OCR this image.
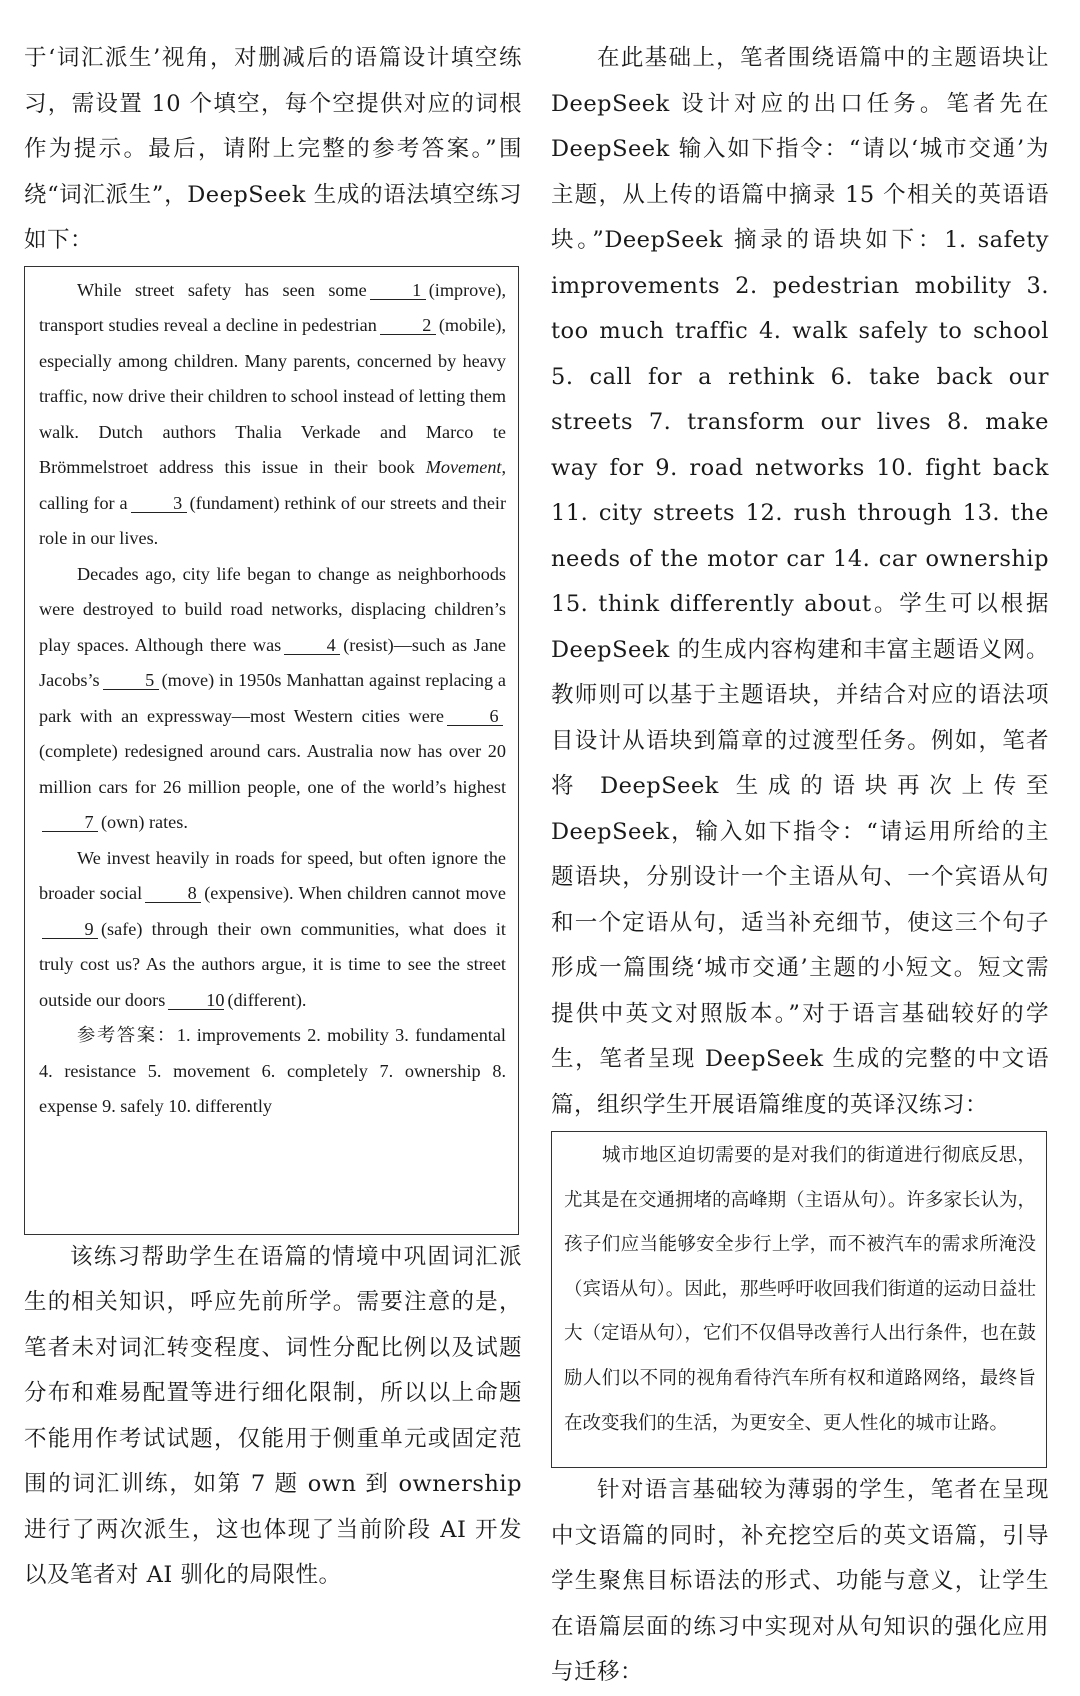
于‘词汇派生’视角，对删减后的语篇设计填空练习，需设置 10 个填空，每个空提供对应的词根作为提示。最后，请附上完整的参考答案。”围绕“词汇派生”，DeepSeek 生成的语法填空练习如下：

While street safety has seen some 1 (improve), transport studies reveal a decline in pedestrian 2 (mobile), especially among children. Many parents, concerned by heavy traffic, now drive their children to school instead of letting them walk. Dutch authors Thalia Verkade and Marco te Brömmelstroet address this issue in their book Movement, calling for a 3 (fundament) rethink of our streets and their role in our lives.

Decades ago, city life began to change as neighborhoods were destroyed to build road networks, displacing children’s play spaces. Although there was 4 (resist)—such as Jane Jacobs’s 5 (move) in 1950s Manhattan against replacing a park with an expressway—most Western cities were 6(complete) redesigned around cars. Australia now has over 20 million cars for 26 million people, one of the world’s highest7 (own) rates.

We invest heavily in roads for speed, but often ignore the broader social 8 (expensive). When children cannot move9 (safe) through their own communities, what does it truly cost us? As the authors argue, it is time to see the street outside our doors 10 (different).

参考答案：1. improvements 2. mobility 3. fundamental 4. resistance 5. movement 6. completely 7. ownership 8. expense 9. safely 10. differently

该练习帮助学生在语篇的情境中巩固词汇派生的相关知识，呼应先前所学。需要注意的是，笔者未对词汇转变程度、词性分配比例以及试题分布和难易配置等进行细化限制，所以以上命题不能用作考试试题，仅能用于侧重单元或固定范围的词汇训练，如第 7 题 own 到 ownership 进行了两次派生，这也体现了当前阶段 AI 开发以及笔者对 AI 驯化的局限性。

在此基础上，笔者围绕语篇中的主题语块让 DeepSeek 设计对应的出口任务。笔者先在 DeepSeek 输入如下指令：“请以‘城市交通’为主题，从上传的语篇中摘录 15 个相关的英语语块。”DeepSeek 摘录的语块如下：1. safety improvements 2. pedestrian mobility 3. too much traffic 4. walk safely to school 5. call for a rethink 6. take back our streets 7. transform our lives 8. make way for 9. road networks 10. fight back 11. city streets 12. rush through 13. the needs of the motor car 14. car ownership 15. think differently about。学生可以根据 DeepSeek 的生成内容构建和丰富主题语义网。教师则可以基于主题语块，并结合对应的语法项目设计从语块到篇章的过渡型任务。例如，笔者将 DeepSeek 生成的语块再次上传至 DeepSeek，输入如下指令：“请运用所给的主题语块，分别设计一个主语从句、一个宾语从句和一个定语从句，适当补充细节，使这三个句子形成一篇围绕‘城市交通’主题的小短文。短文需提供中英文对照版本。”对于语言基础较好的学生，笔者呈现 DeepSeek 生成的完整的中文语篇，组织学生开展语篇维度的英译汉练习：

城市地区迫切需要的是对我们的街道进行彻底反思，尤其是在交通拥堵的高峰期（主语从句）。许多家长认为，孩子们应当能够安全步行上学，而不被汽车的需求所淹没（宾语从句）。因此，那些呼吁收回我们街道的运动日益壮大（定语从句），它们不仅倡导改善行人出行条件，也在鼓励人们以不同的视角看待汽车所有权和道路网络，最终旨在改变我们的生活，为更安全、更人性化的城市让路。

针对语言基础较为薄弱的学生，笔者在呈现中文语篇的同时，补充挖空后的英文语篇，引导学生聚焦目标语法的形式、功能与意义，让学生在语篇层面的练习中实现对从句知识的强化应用与迁移：
